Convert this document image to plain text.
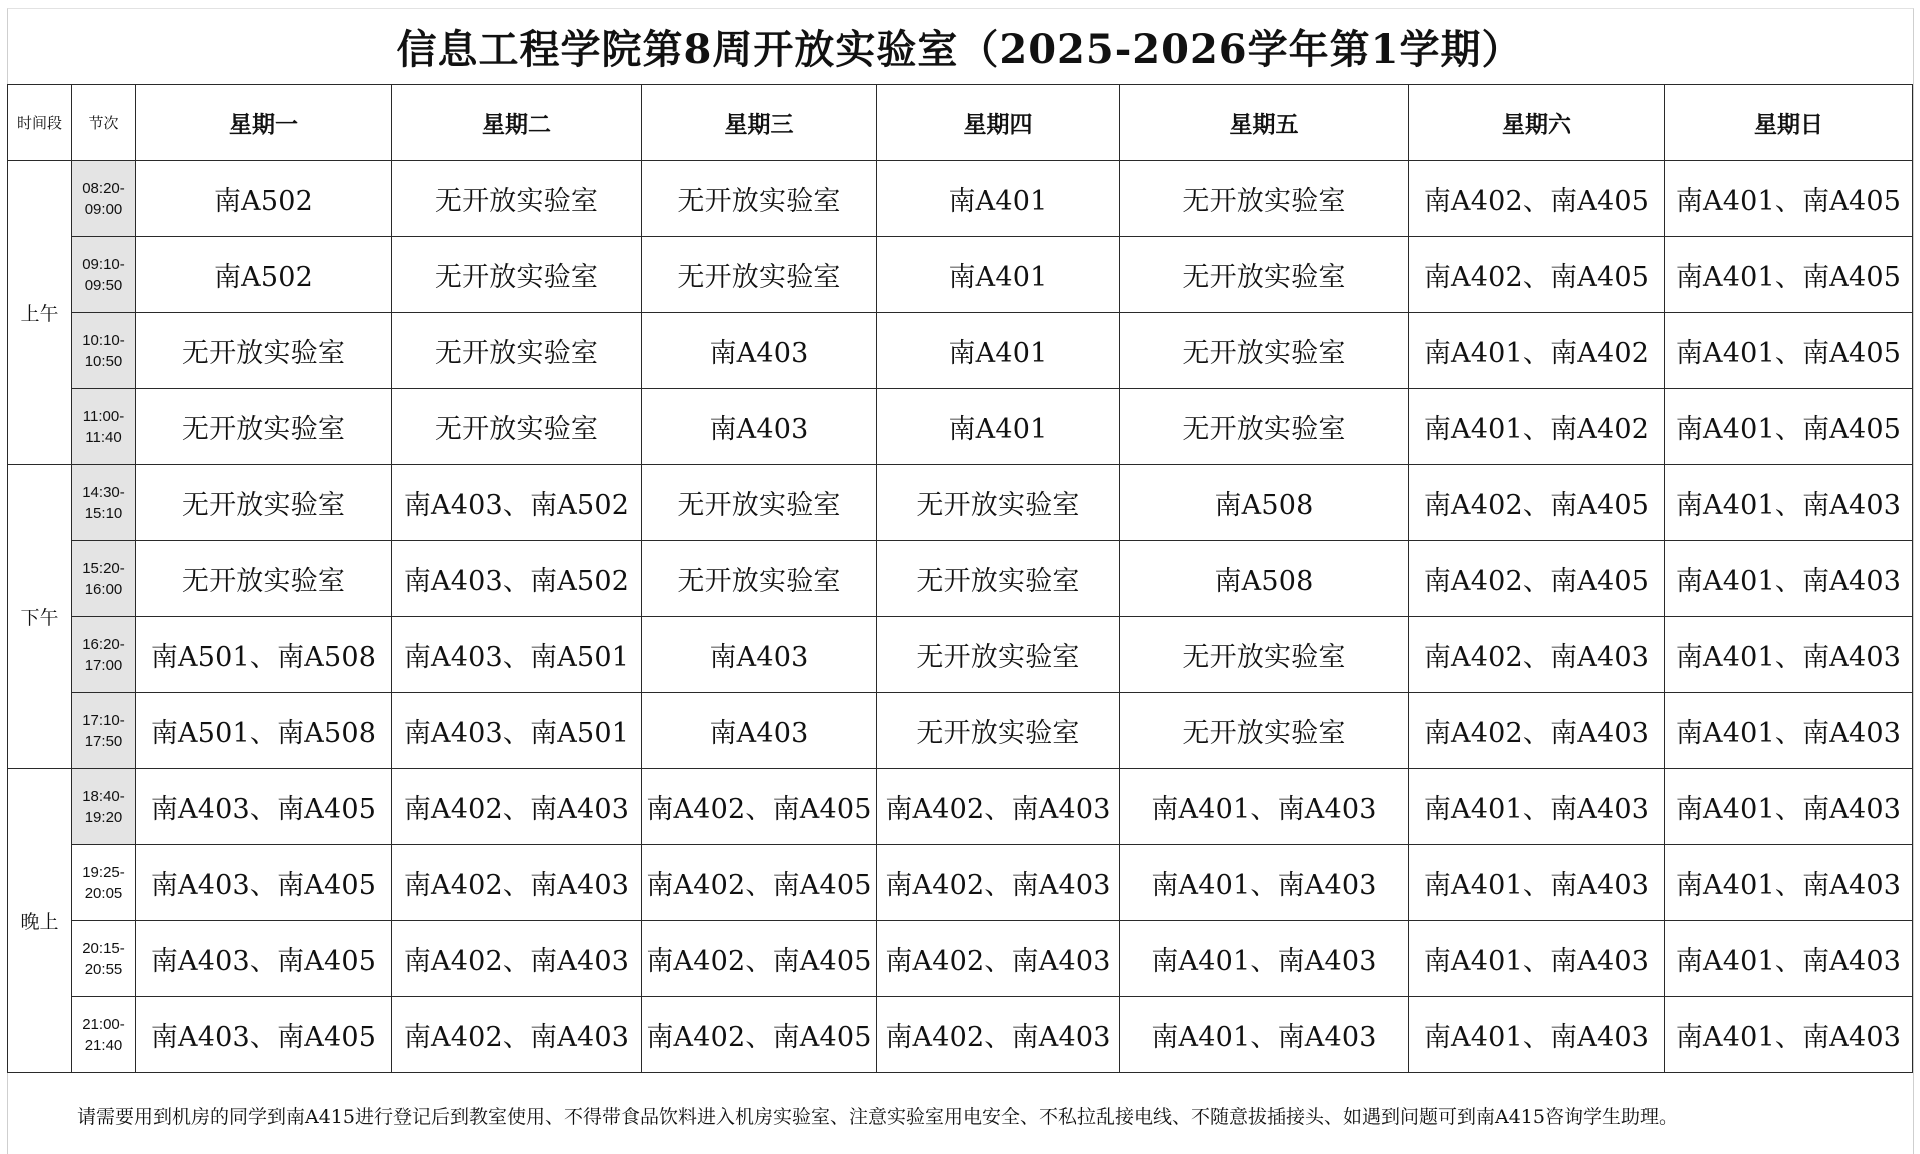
信息工程学院第8周开放实验室（2025-2026学年第1学期）
时间段	节次	星期一	星期二	星期三	星期四	星期五	星期六	星期日
上午	08:20-
09:00	南A502	无开放实验室	无开放实验室	南A401	无开放实验室	南A402、南A405	南A401、南A405

	09:10-
09:50	南A502	无开放实验室	无开放实验室	南A401	无开放实验室	南A402、南A405	南A401、南A405

	10:10-
10:50	无开放实验室	无开放实验室	南A403	南A401	无开放实验室	南A401、南A402	南A401、南A405

	11:00-
11:40	无开放实验室	无开放实验室	南A403	南A401	无开放实验室	南A401、南A402	南A401、南A405
下午	14:30-
15:10	无开放实验室	南A403、南A502	无开放实验室	无开放实验室	南A508	南A402、南A405	南A401、南A403

	15:20-
16:00	无开放实验室	南A403、南A502	无开放实验室	无开放实验室	南A508	南A402、南A405	南A401、南A403

	16:20-
17:00	南A501、南A508	南A403、南A501	南A403	无开放实验室	无开放实验室	南A402、南A403	南A401、南A403

	17:10-
17:50	南A501、南A508	南A403、南A501	南A403	无开放实验室	无开放实验室	南A402、南A403	南A401、南A403
晚上	18:40-
19:20	南A403、南A405	南A402、南A403	南A402、南A405	南A402、南A403	南A401、南A403	南A401、南A403	南A401、南A403

	19:25-
20:05	南A403、南A405	南A402、南A403	南A402、南A405	南A402、南A403	南A401、南A403	南A401、南A403	南A401、南A403

	20:15-
20:55	南A403、南A405	南A402、南A403	南A402、南A405	南A402、南A403	南A401、南A403	南A401、南A403	南A401、南A403

	21:00-
21:40	南A403、南A405	南A402、南A403	南A402、南A405	南A402、南A403	南A401、南A403	南A401、南A403	南A401、南A403
请需要用到机房的同学到南A415进行登记后到教室使用、不得带食品饮料进入机房实验室、注意实验室用电安全、不私拉乱接电线、不随意拔插接头、如遇到问题可到南A415咨询学生助理。
